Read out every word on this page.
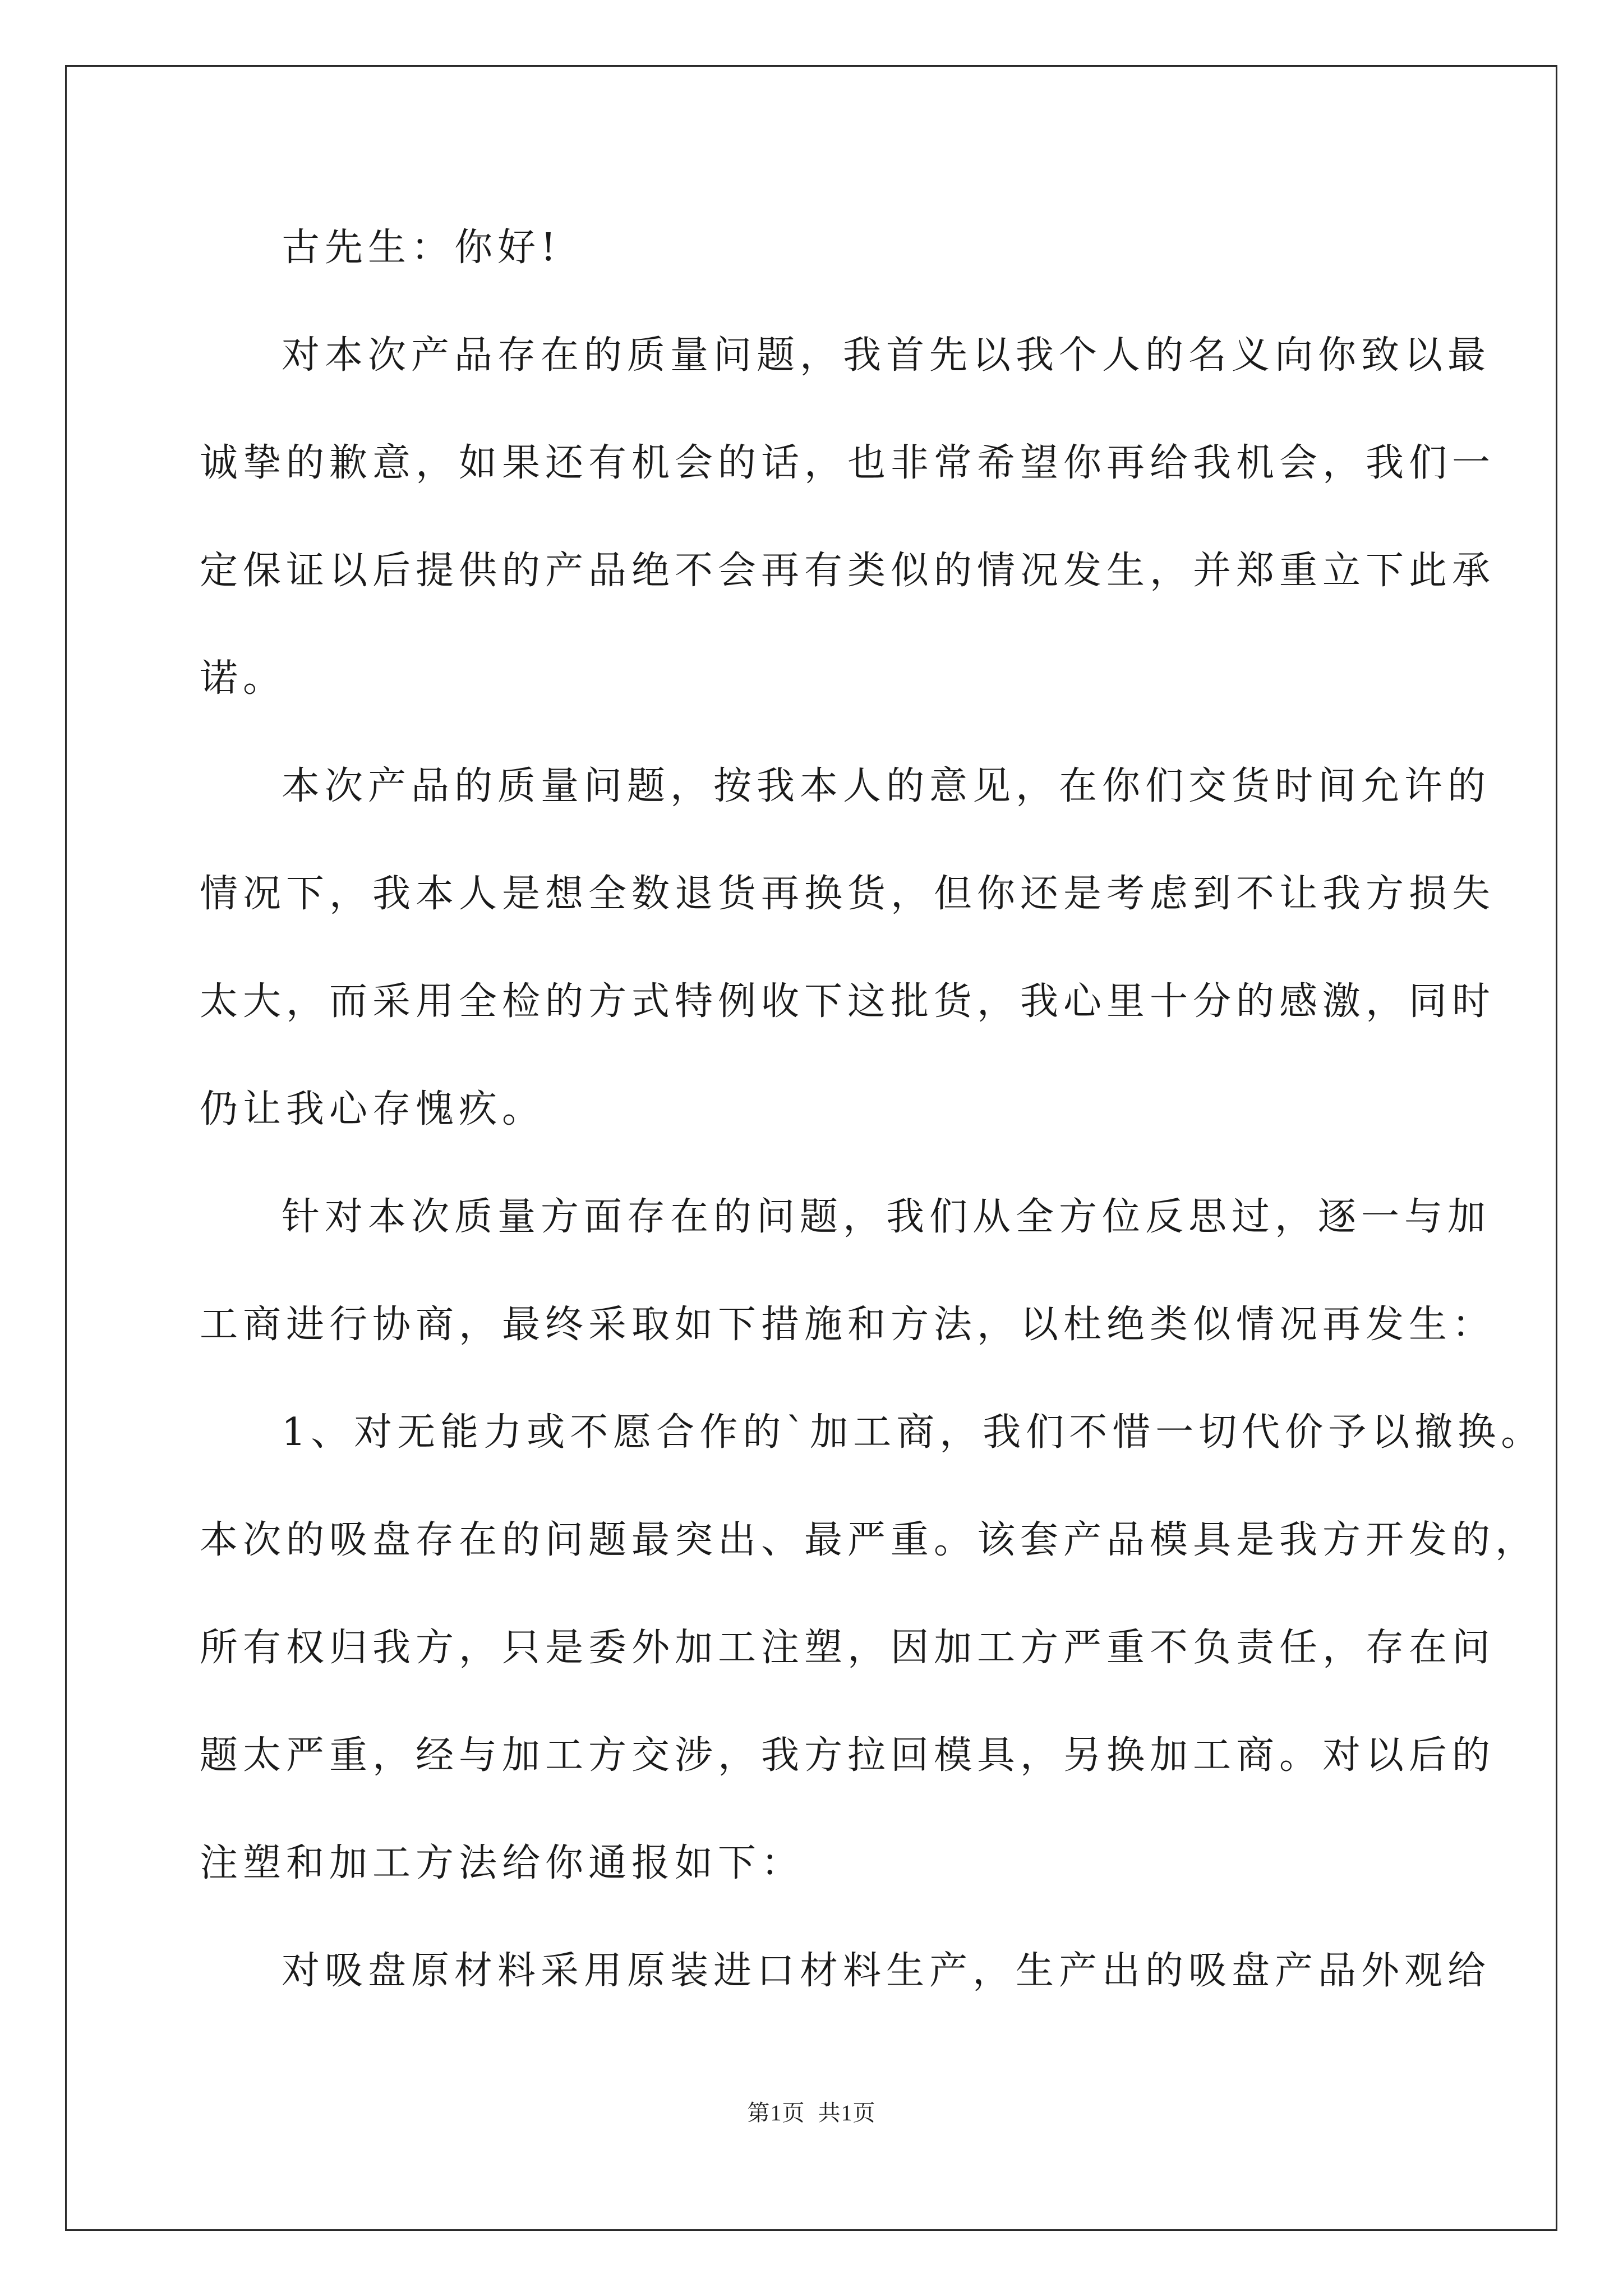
古先生：你好!
对本次产品存在的质量问题，我首先以我个人的名义向你致以最
诚挚的歉意，如果还有机会的话，也非常希望你再给我机会，我们一
定保证以后提供的产品绝不会再有类似的情况发生，并郑重立下此承
诺。
本次产品的质量问题，按我本人的意见，在你们交货时间允许的
情况下，我本人是想全数退货再换货，但你还是考虑到不让我方损失
太大，而采用全检的方式特例收下这批货，我心里十分的感激，同时
仍让我心存愧疚。
针对本次质量方面存在的问题，我们从全方位反思过，逐一与加
工商进行协商，最终采取如下措施和方法，以杜绝类似情况再发生：
1、对无能力或不愿合作的`加工商，我们不惜一切代价予以撤换。
本次的吸盘存在的问题最突出、最严重。该套产品模具是我方开发的，
所有权归我方，只是委外加工注塑，因加工方严重不负责任，存在问
题太严重，经与加工方交涉，我方拉回模具，另换加工商。对以后的
注塑和加工方法给你通报如下：
对吸盘原材料采用原装进口材料生产，生产出的吸盘产品外观给
第1页 共1页
